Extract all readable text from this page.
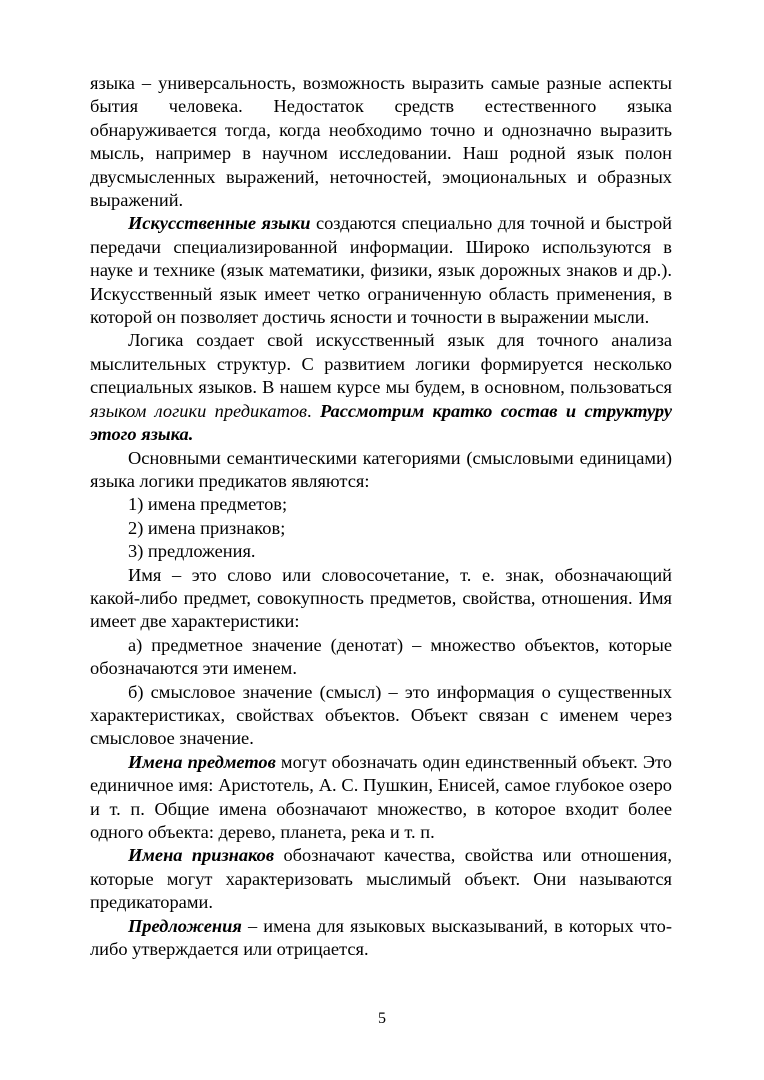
языка – универсальность, возможность выразить самые разные аспекты бытия человека. Недостаток средств естественного языка обнаруживается тогда, когда необходимо точно и однозначно выразить мысль, например в научном исследовании. Наш родной язык полон двусмысленных выражений, неточностей, эмоциональных и образных выражений.

Искусственные языки создаются специально для точной и быстрой передачи специализированной информации. Широко используются в науке и технике (язык математики, физики, язык дорожных знаков и др.). Искусственный язык имеет четко ограниченную область применения, в которой он позволяет достичь ясности и точности в выражении мысли.

Логика создает свой искусственный язык для точного анализа мыслительных структур. С развитием логики формируется несколько специальных языков. В нашем курсе мы будем, в основном, пользоваться языком логики предикатов. Рассмотрим кратко состав и структуру этого языка.

Основными семантическими категориями (смысловыми единицами) языка логики предикатов являются:

1) имена предметов;

2) имена признаков;

3) предложения.

Имя – это слово или словосочетание, т. е. знак, обозначающий какой-либо предмет, совокупность предметов, свойства, отношения. Имя имеет две характеристики:

а) предметное значение (денотат) – множество объектов, которые обозначаются эти именем.

б) смысловое значение (смысл) – это информация о существенных характеристиках, свойствах объектов. Объект связан с именем через смысловое значение.

Имена предметов могут обозначать один единственный объект. Это единичное имя: Аристотель, А. С. Пушкин, Енисей, самое глубокое озеро и т. п. Общие имена обозначают множество, в которое входит более одного объекта: дерево, планета, река и т. п.

Имена признаков обозначают качества, свойства или отношения, которые могут характеризовать мыслимый объект. Они называются предикаторами.

Предложения – имена для языковых высказываний, в которых что-либо утверждается или отрицается.

5
